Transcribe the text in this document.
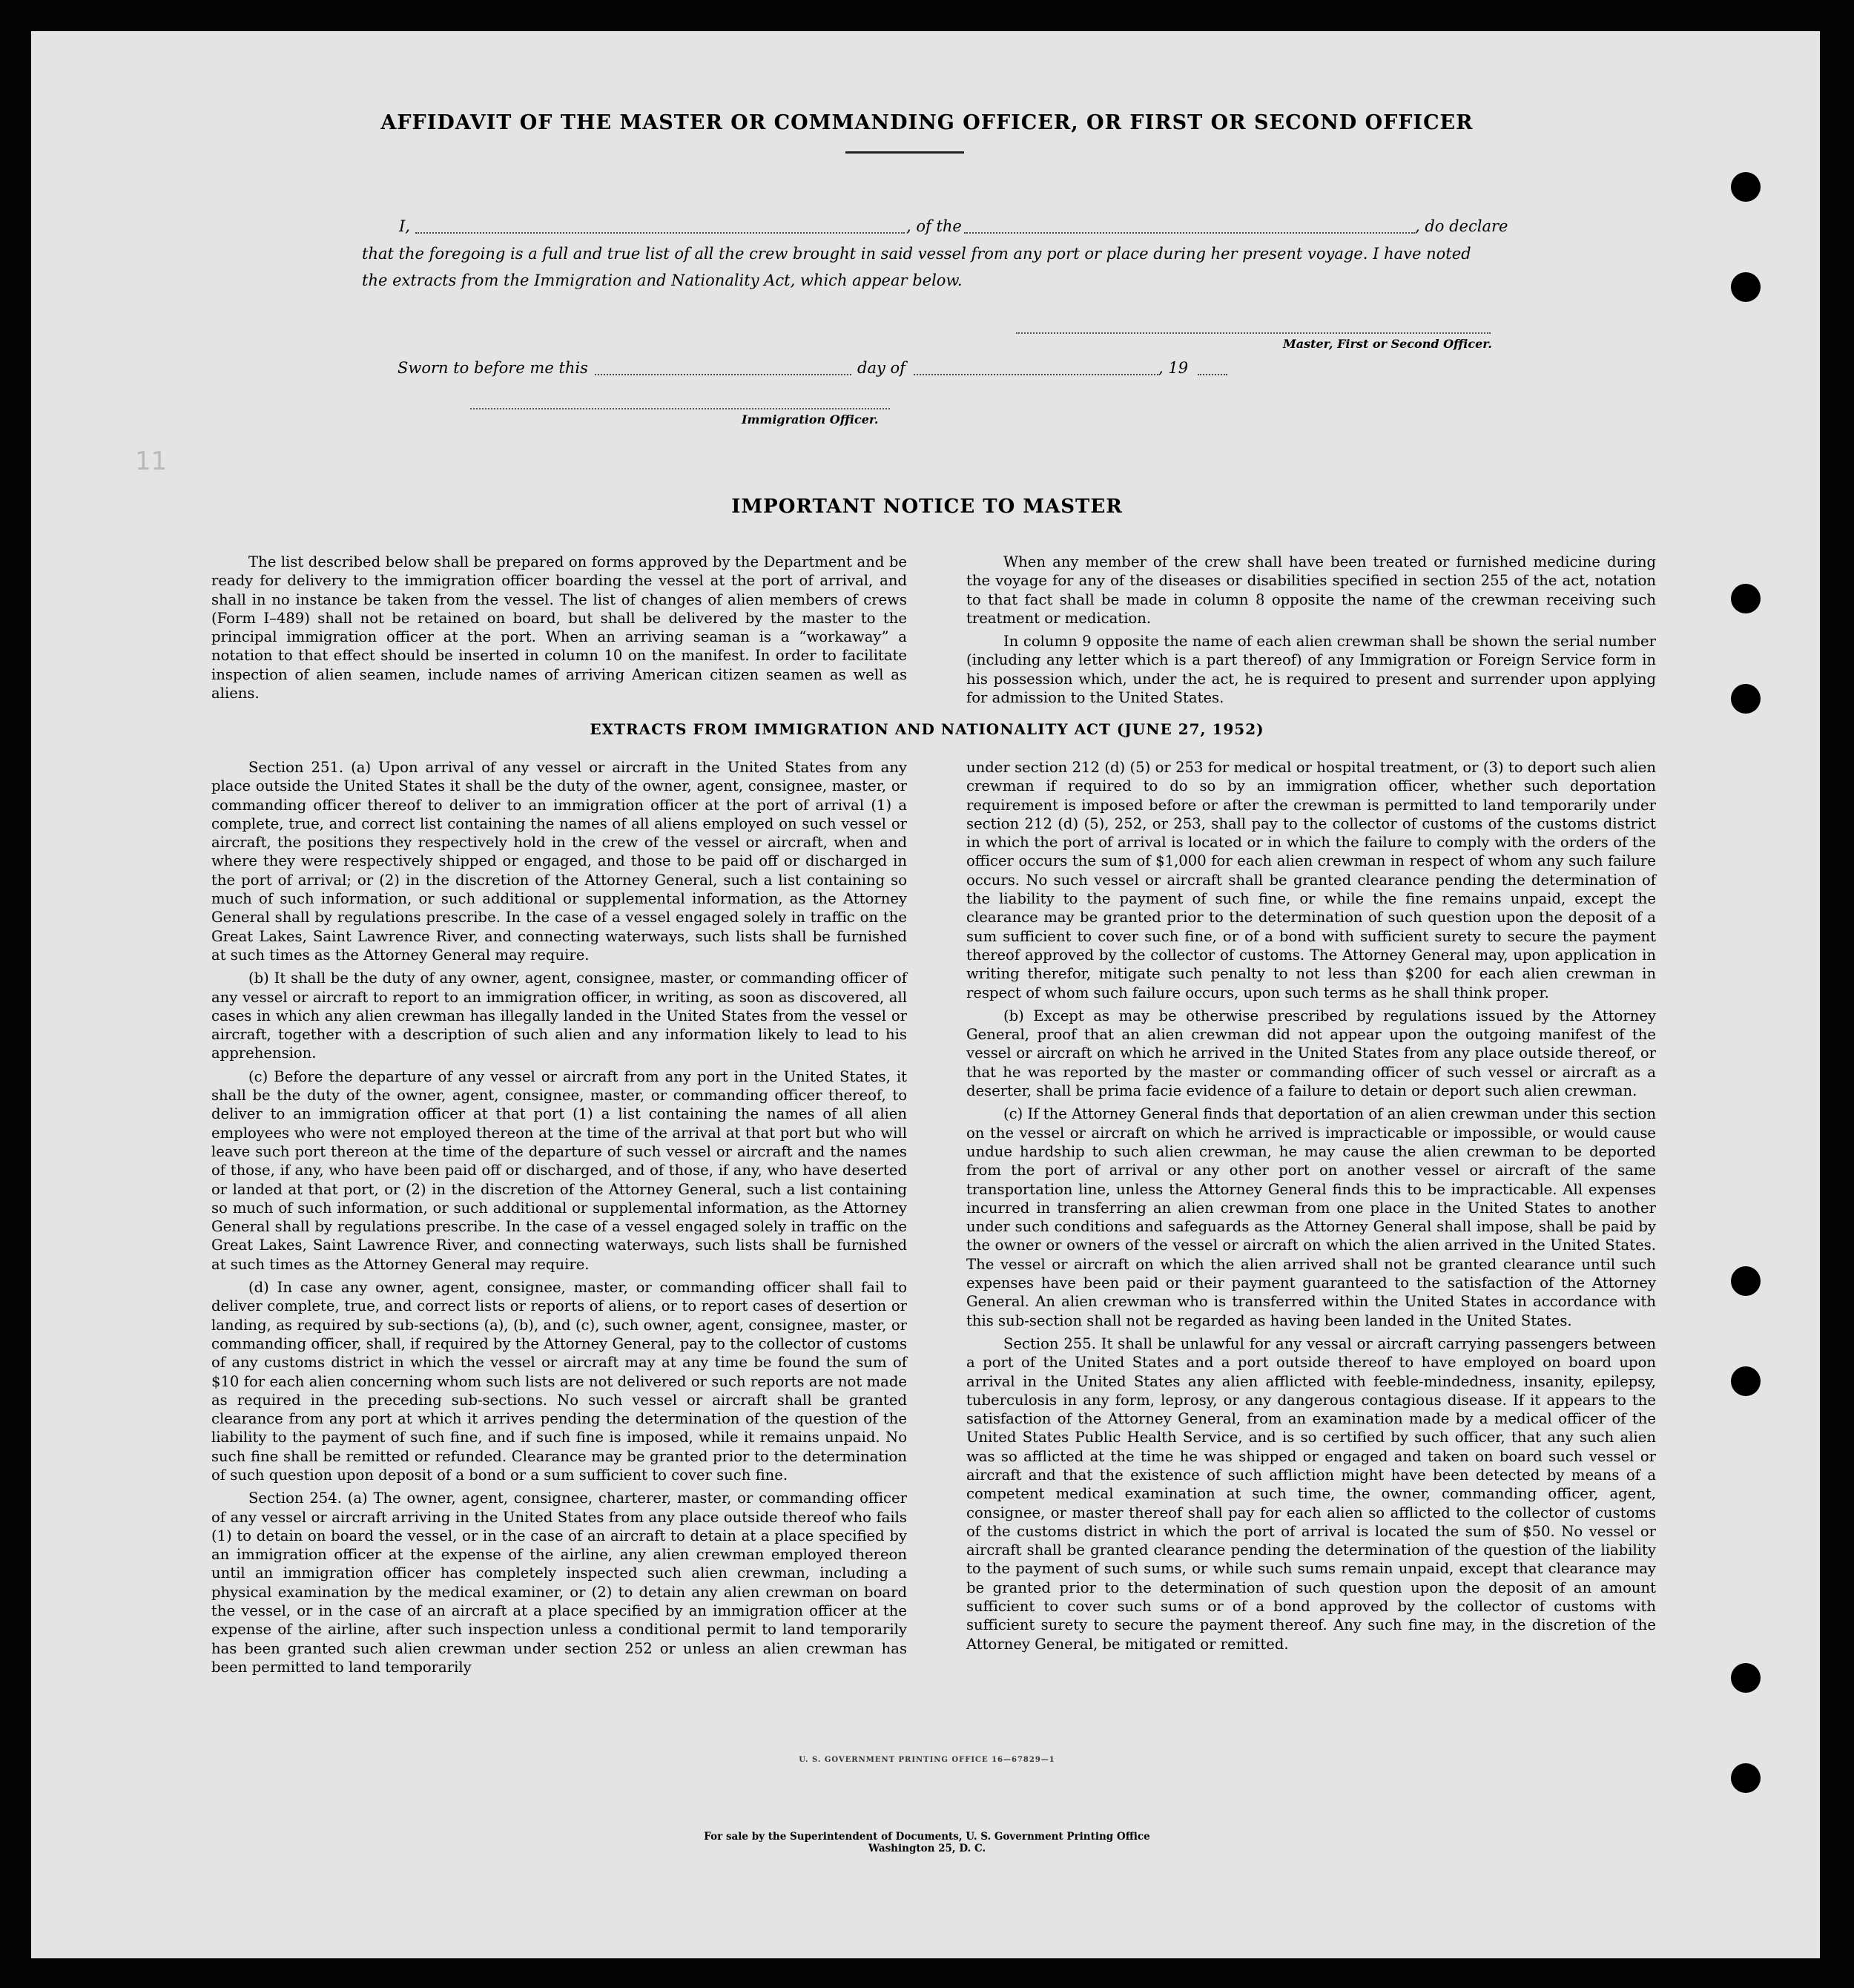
11
AFFIDAVIT OF THE MASTER OR COMMANDING OFFICER, OR FIRST OR SECOND OFFICER
I,	, of the	, do declare
that the foregoing is a full and true list of all the crew brought in said vessel from any port or place during her present voyage. I have noted
the extracts from the Immigration and Nationality Act, which appear below.
Master, First or Second Officer.
Sworn to before me this	day of	, 19
Immigration Officer.
IMPORTANT NOTICE TO MASTER

The list described below shall be prepared on forms approved by the Department and be ready for delivery to the immigration officer boarding the vessel at the port of arrival, and shall in no instance be taken from the vessel. The list of changes of alien members of crews (Form I–489) shall not be retained on board, but shall be delivered by the master to the principal immigration officer at the port. When an arriving seaman is a “workaway” a notation to that effect should be inserted in column 10 on the manifest. In order to facilitate inspection of alien seamen, include names of arriving American citizen seamen as well as aliens.

When any member of the crew shall have been treated or furnished medicine during the voyage for any of the diseases or disabilities specified in section 255 of the act, notation to that fact shall be made in column 8 opposite the name of the crewman receiving such treatment or medication.

In column 9 opposite the name of each alien crewman shall be shown the serial number (including any letter which is a part thereof) of any Immigration or Foreign Service form in his possession which, under the act, he is required to present and surrender upon applying for admission to the United States.

EXTRACTS FROM IMMIGRATION AND NATIONALITY ACT (JUNE 27, 1952)

Section 251. (a) Upon arrival of any vessel or aircraft in the United States from any place outside the United States it shall be the duty of the owner, agent, consignee, master, or commanding officer thereof to deliver to an immigration officer at the port of arrival (1) a complete, true, and correct list containing the names of all aliens employed on such vessel or aircraft, the positions they respectively hold in the crew of the vessel or aircraft, when and where they were respectively shipped or engaged, and those to be paid off or discharged in the port of arrival; or (2) in the discretion of the Attorney General, such a list containing so much of such information, or such additional or supplemental information, as the Attorney General shall by regulations prescribe. In the case of a vessel engaged solely in traffic on the Great Lakes, Saint Lawrence River, and connecting waterways, such lists shall be furnished at such times as the Attorney General may require.

(b) It shall be the duty of any owner, agent, consignee, master, or commanding officer of any vessel or aircraft to report to an immigration officer, in writing, as soon as discovered, all cases in which any alien crewman has illegally landed in the United States from the vessel or aircraft, together with a description of such alien and any information likely to lead to his apprehension.

(c) Before the departure of any vessel or aircraft from any port in the United States, it shall be the duty of the owner, agent, consignee, master, or commanding officer thereof, to deliver to an immigration officer at that port (1) a list containing the names of all alien employees who were not employed thereon at the time of the arrival at that port but who will leave such port thereon at the time of the departure of such vessel or aircraft and the names of those, if any, who have been paid off or discharged, and of those, if any, who have deserted or landed at that port, or (2) in the discretion of the Attorney General, such a list containing so much of such information, or such additional or supplemental information, as the Attorney General shall by regulations prescribe. In the case of a vessel engaged solely in traffic on the Great Lakes, Saint Lawrence River, and connecting waterways, such lists shall be furnished at such times as the Attorney General may require.

(d) In case any owner, agent, consignee, master, or commanding officer shall fail to deliver complete, true, and correct lists or reports of aliens, or to report cases of desertion or landing, as required by sub-sections (a), (b), and (c), such owner, agent, consignee, master, or commanding officer, shall, if required by the Attorney General, pay to the collector of customs of any customs district in which the vessel or aircraft may at any time be found the sum of $10 for each alien concerning whom such lists are not delivered or such reports are not made as required in the preceding sub-sections. No such vessel or aircraft shall be granted clearance from any port at which it arrives pending the determination of the question of the liability to the payment of such fine, and if such fine is imposed, while it remains unpaid. No such fine shall be remitted or refunded. Clearance may be granted prior to the determination of such question upon deposit of a bond or a sum sufficient to cover such fine.

Section 254. (a) The owner, agent, consignee, charterer, master, or commanding officer of any vessel or aircraft arriving in the United States from any place outside thereof who fails (1) to detain on board the vessel, or in the case of an aircraft to detain at a place specified by an immigration officer at the expense of the airline, any alien crewman employed thereon until an immigration officer has completely inspected such alien crewman, including a physical examination by the medical examiner, or (2) to detain any alien crewman on board the vessel, or in the case of an aircraft at a place specified by an immigration officer at the expense of the airline, after such inspection unless a conditional permit to land temporarily has been granted such alien crewman under section 252 or unless an alien crewman has been permitted to land temporarily

under section 212 (d) (5) or 253 for medical or hospital treatment, or (3) to deport such alien crewman if required to do so by an immigration officer, whether such deportation requirement is imposed before or after the crewman is permitted to land temporarily under section 212 (d) (5), 252, or 253, shall pay to the collector of customs of the customs district in which the port of arrival is located or in which the failure to comply with the orders of the officer occurs the sum of $1,000 for each alien crewman in respect of whom any such failure occurs. No such vessel or aircraft shall be granted clearance pending the determination of the liability to the payment of such fine, or while the fine remains unpaid, except the clearance may be granted prior to the determination of such question upon the deposit of a sum sufficient to cover such fine, or of a bond with sufficient surety to secure the payment thereof approved by the collector of customs. The Attorney General may, upon application in writing therefor, mitigate such penalty to not less than $200 for each alien crewman in respect of whom such failure occurs, upon such terms as he shall think proper.

(b) Except as may be otherwise prescribed by regulations issued by the Attorney General, proof that an alien crewman did not appear upon the outgoing manifest of the vessel or aircraft on which he arrived in the United States from any place outside thereof, or that he was reported by the master or commanding officer of such vessel or aircraft as a deserter, shall be prima facie evidence of a failure to detain or deport such alien crewman.

(c) If the Attorney General finds that deportation of an alien crewman under this section on the vessel or aircraft on which he arrived is impracticable or impossible, or would cause undue hardship to such alien crewman, he may cause the alien crewman to be deported from the port of arrival or any other port on another vessel or aircraft of the same transportation line, unless the Attorney General finds this to be impracticable. All expenses incurred in transferring an alien crewman from one place in the United States to another under such conditions and safeguards as the Attorney General shall impose, shall be paid by the owner or owners of the vessel or aircraft on which the alien arrived in the United States. The vessel or aircraft on which the alien arrived shall not be granted clearance until such expenses have been paid or their payment guaranteed to the satisfaction of the Attorney General. An alien crewman who is transferred within the United States in accordance with this sub-section shall not be regarded as having been landed in the United States.

Section 255. It shall be unlawful for any vessal or aircraft carrying passengers between a port of the United States and a port outside thereof to have employed on board upon arrival in the United States any alien afflicted with feeble-mindedness, insanity, epilepsy, tuberculosis in any form, leprosy, or any dangerous contagious disease. If it appears to the satisfaction of the Attorney General, from an examination made by a medical officer of the United States Public Health Service, and is so certified by such officer, that any such alien was so afflicted at the time he was shipped or engaged and taken on board such vessel or aircraft and that the existence of such affliction might have been detected by means of a competent medical examination at such time, the owner, commanding officer, agent, consignee, or master thereof shall pay for each alien so afflicted to the collector of customs of the customs district in which the port of arrival is located the sum of $50. No vessel or aircraft shall be granted clearance pending the determination of the question of the liability to the payment of such sums, or while such sums remain unpaid, except that clearance may be granted prior to the determination of such question upon the deposit of an amount sufficient to cover such sums or of a bond approved by the collector of customs with sufficient surety to secure the payment thereof. Any such fine may, in the discretion of the Attorney General, be mitigated or remitted.

U. S. GOVERNMENT PRINTING OFFICE 16—67829—1
For sale by the Superintendent of Documents, U. S. Government Printing Office
Washington 25, D. C.
